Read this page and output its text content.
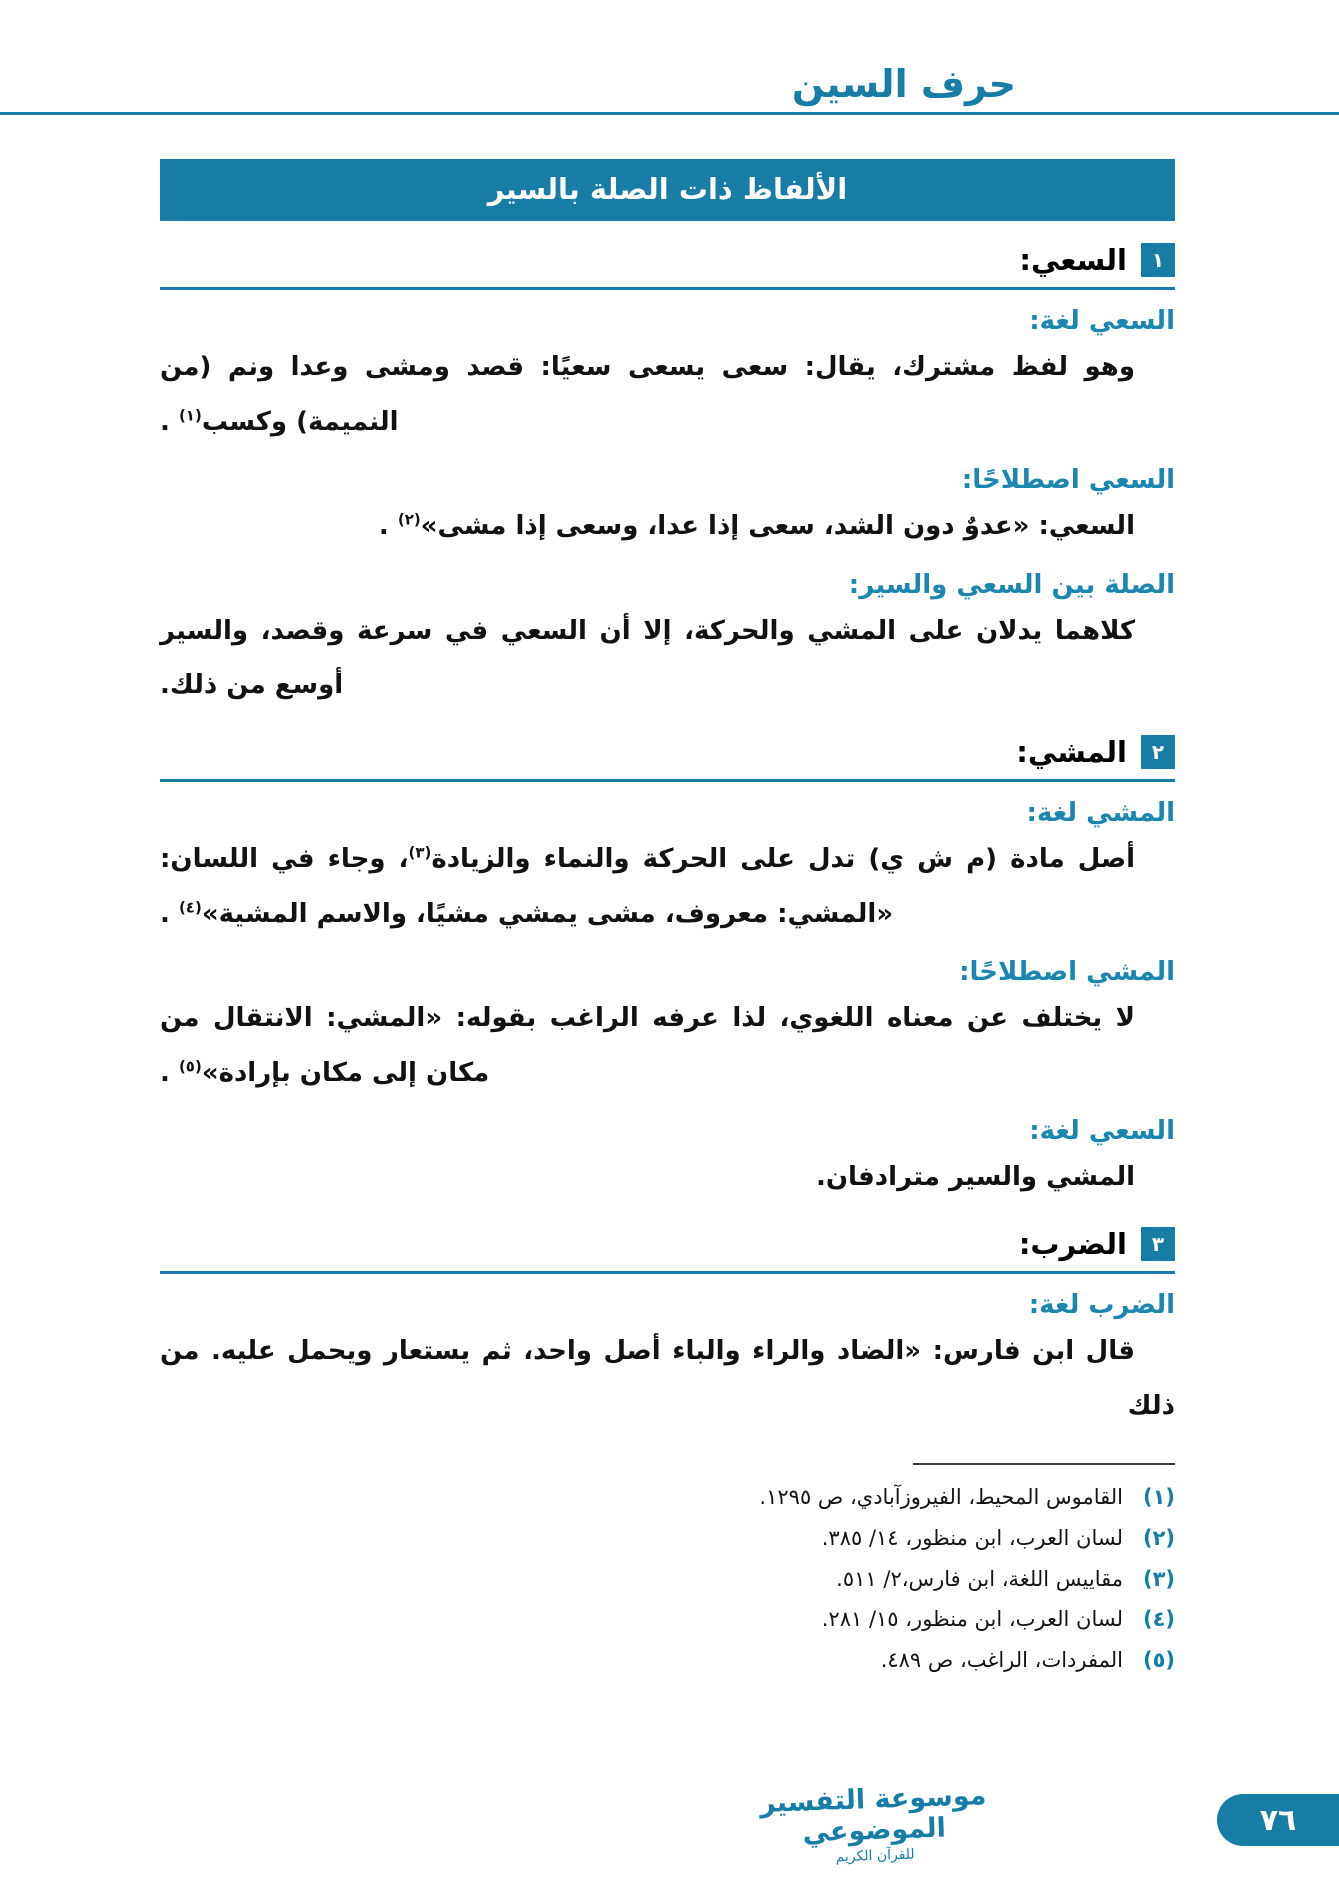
حرف السين
الألفاظ ذات الصلة بالسير
١
السعي:
السعي لغة:

وهو لفظ مشترك، يقال: سعى يسعى سعيًا: قصد ومشى وعدا ونم (من النميمة) وكسب$^{(١)}$ .

السعي اصطلاحًا:

السعي: «عدوٌ دون الشد، سعى إذا عدا، وسعى إذا مشى»$^{(٢)}$ .

الصلة بين السعي والسير:

كلاهما يدلان على المشي والحركة، إلا أن السعي في سرعة وقصد، والسير أوسع من ذلك.

٢
المشي:
المشي لغة:

أصل مادة (م ش ي) تدل على الحركة والنماء والزيادة$^{(٣)}$، وجاء في اللسان: «المشي: معروف، مشى يمشي مشيًا، والاسم المشية»$^{(٤)}$ .

المشي اصطلاحًا:

لا يختلف عن معناه اللغوي، لذا عرفه الراغب بقوله: «المشي: الانتقال من مكان إلى مكان بإرادة»$^{(٥)}$ .

السعي لغة:

المشي والسير مترادفان.

٣
الضرب:
الضرب لغة:

قال ابن فارس: «الضاد والراء والباء أصل واحد، ثم يستعار ويحمل عليه. من ذلك

(١)
القاموس المحيط، الفيروزآبادي، ص ١٢٩٥.
(٢)
لسان العرب، ابن منظور، ١٤/ ٣٨٥.
(٣)
مقاييس اللغة، ابن فارس،٢/ ٥١١.
(٤)
لسان العرب، ابن منظور، ١٥/ ٢٨١.
(٥)
المفردات، الراغب، ص ٤٨٩.
موسوعة التفسير الموضوعي
للقرآن الكريم
٧٦
